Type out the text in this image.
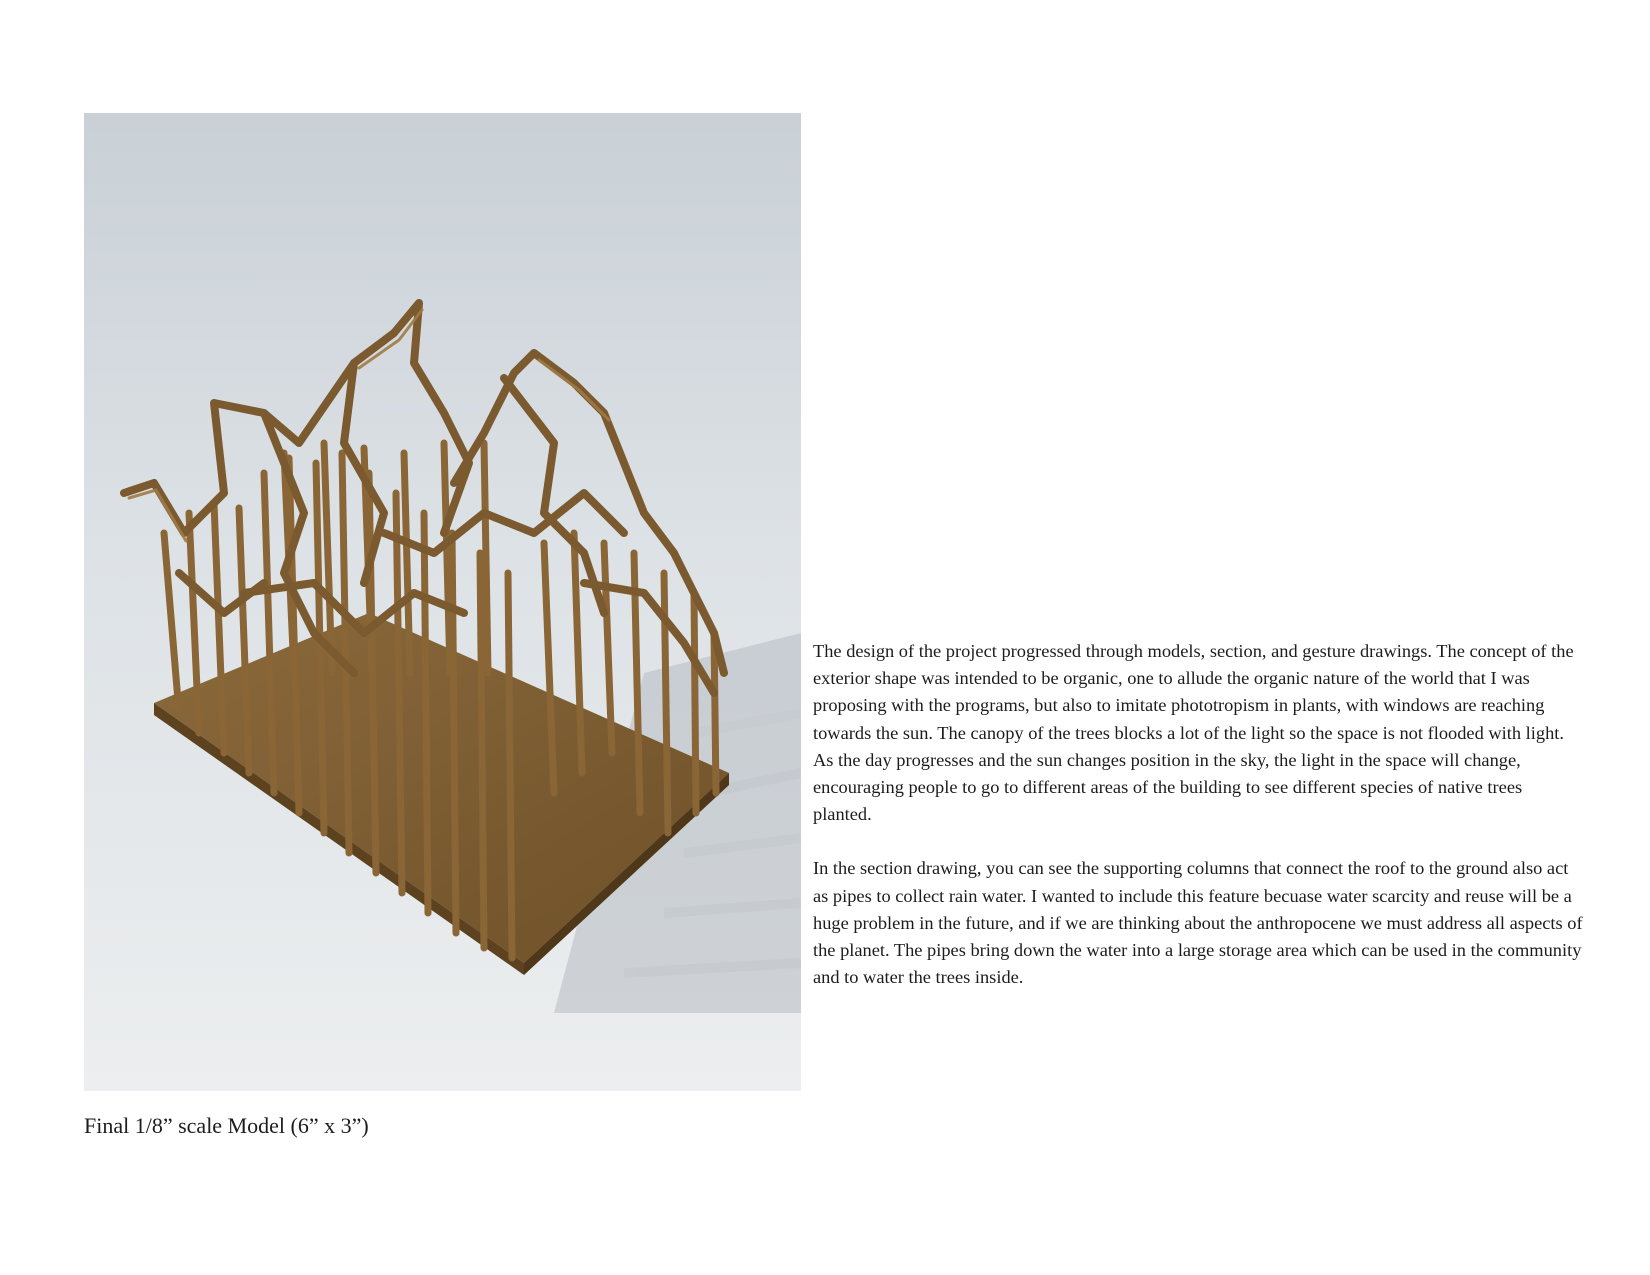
Final 1/8” scale Model (6” x 3”)

The design of the project progressed through models, section, and gesture drawings. The concept of the exterior shape was intended to be organic, one to allude the organic nature of the world that I was proposing with the programs, but also to imitate phototropism in plants, with windows are reaching towards the sun. The canopy of the trees blocks a lot of the light so the space is not flooded with light. As the day progresses and the sun changes position in the sky, the light in the space will change, encouraging people to go to different areas of the building to see different species of native trees planted.

In the section drawing, you can see the supporting columns that connect the roof to the ground also act as pipes to collect rain water. I wanted to include this feature becuase water scarcity and reuse will be a huge problem in the future, and if we are thinking about the anthropocene we must address all aspects of the planet. The pipes bring down the water into a large storage area which can be used in the community and to water the trees inside.
